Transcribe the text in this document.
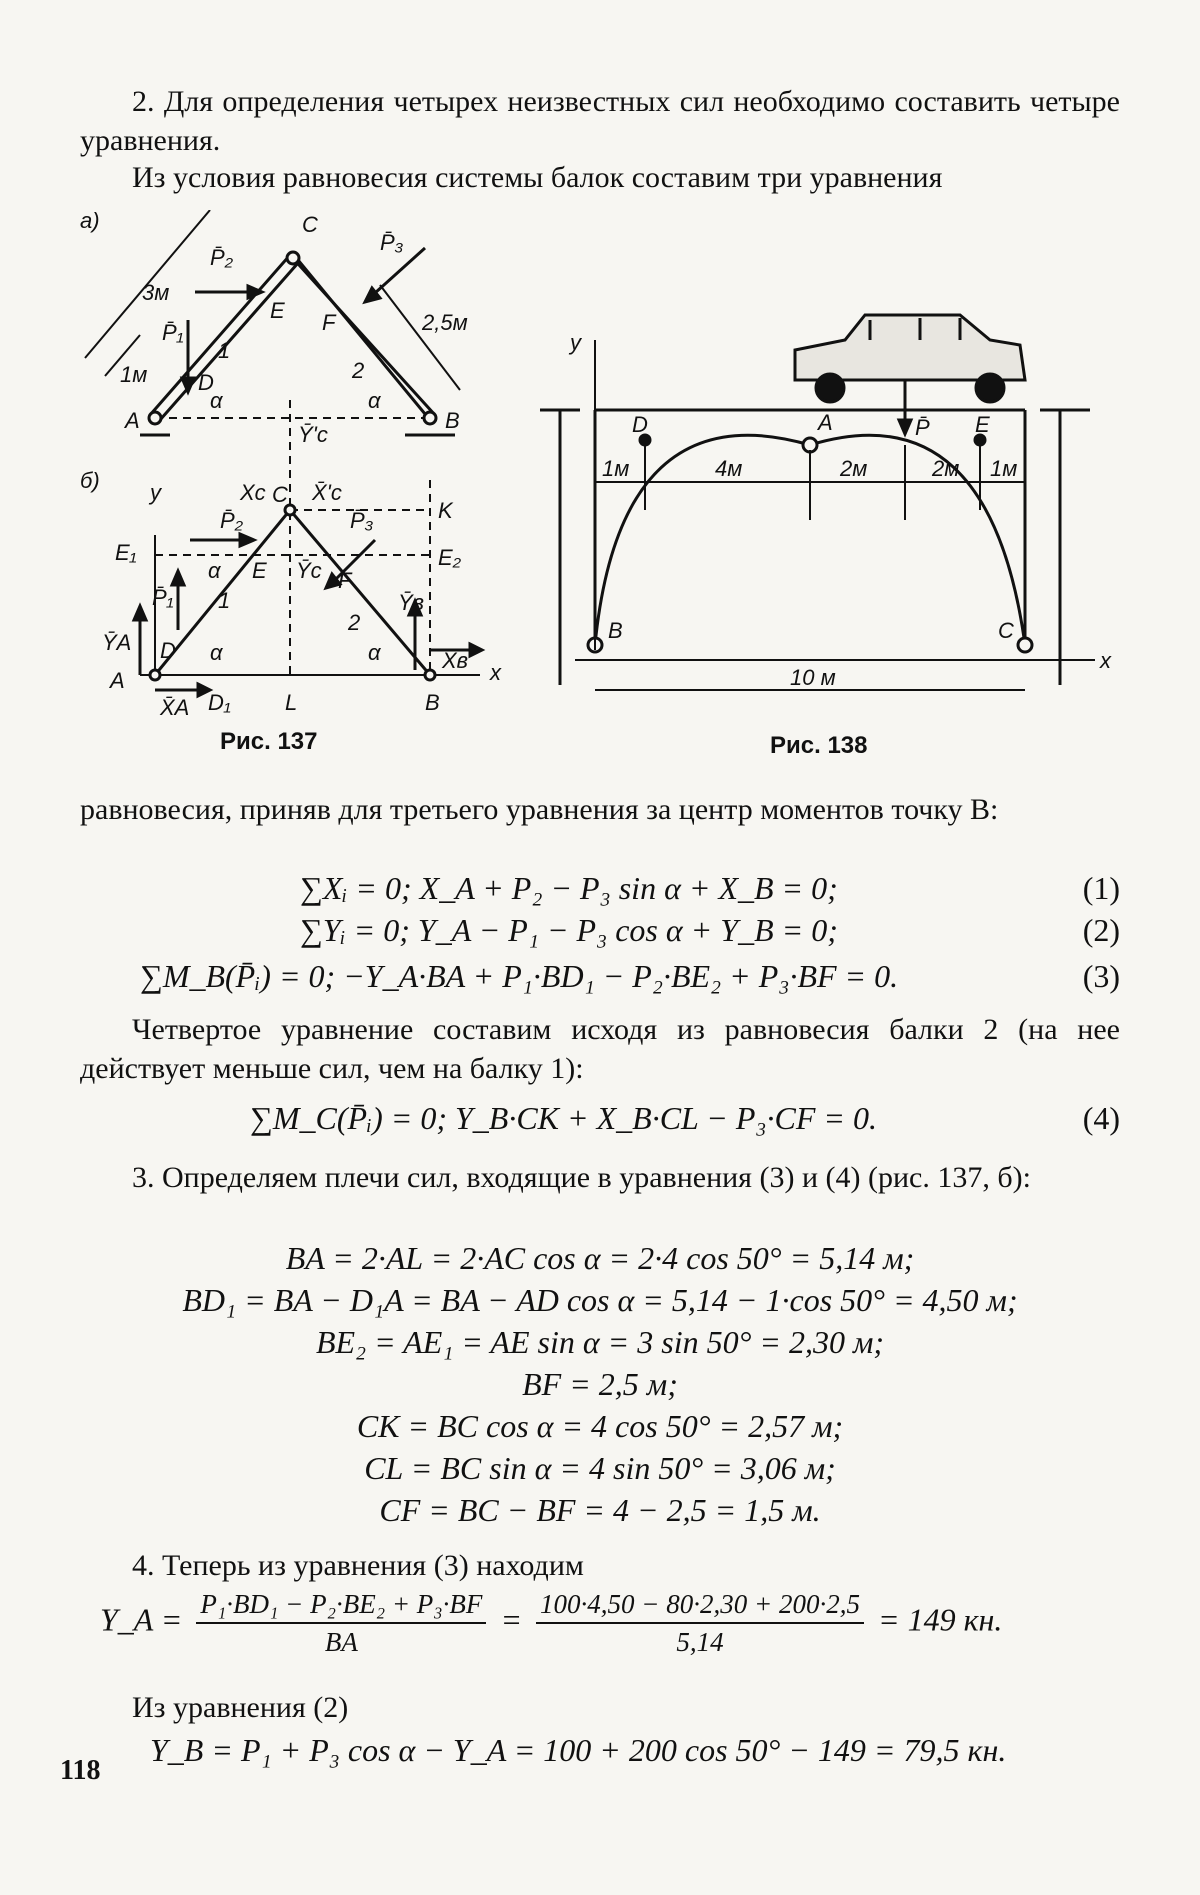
2. Для определения четырех неизвестных сил необходимо составить четыре уравнения.
Из условия равновесия системы балок составим три уравнения
а)	C
P̄₂
P̄₃
3м
E F
P̄₁
1
2,5м
1м D	2
α	α
A	B
б)
Ȳ'c
y	Xc C X̄'c
K
P̄₂	P̄₃
E₁
α E Ȳc F
E₂
P̄₁ 1
2
Ȳʙ
ȲA D α	α	X̄ʙ x
A
X̄A D₁ L	B
Рис. 137
y
D	A	P̄ E
1м	4м	2м	2м 1м
B	C
x
10 м
Рис. 138
равновесия, приняв для третьего уравнения за центр моментов точку B:
∑Xᵢ = 0; X_A + P₂ − P₃ sin α + X_B = 0;	(1)
∑Yᵢ = 0; Y_A − P₁ − P₃ cos α + Y_B = 0;	(2)
∑M_B(P̄ᵢ) = 0; −Y_A·BA + P₁·BD₁ − P₂·BE₂ + P₃·BF = 0.	(3)
Четвертое уравнение составим исходя из равновесия балки 2 (на нее действует меньше сил, чем на балку 1):
∑M_C(P̄ᵢ) = 0; Y_B·CK + X_B·CL − P₃·CF = 0.	(4)
3. Определяем плечи сил, входящие в уравнения (3) и (4) (рис. 137, б):
BA = 2·AL = 2·AC cos α = 2·4 cos 50° = 5,14 м;
BD₁ = BA − D₁A = BA − AD cos α = 5,14 − 1·cos 50° = 4,50 м;
BE₂ = AE₁ = AE sin α = 3 sin 50° = 2,30 м;
BF = 2,5 м;
CK = BC cos α = 4 cos 50° = 2,57 м;
CL = BC sin α = 4 sin 50° = 3,06 м;
CF = BC − BF = 4 − 2,5 = 1,5 м.
4. Теперь из уравнения (3) находим
Y_A = $\frac{\text{P₁·BD₁ − P₂·BE₂ + P₃·BF}}{BA} = \frac{100\cdot 4,50 - 80\cdot 2,30 + 200\cdot 2,5}{5,14} = 149$ кн.
Из уравнения (2)
Y_B = P₁ + P₃ cos α − Y_A = 100 + 200 cos 50° − 149 = 79,5 кн.
118
